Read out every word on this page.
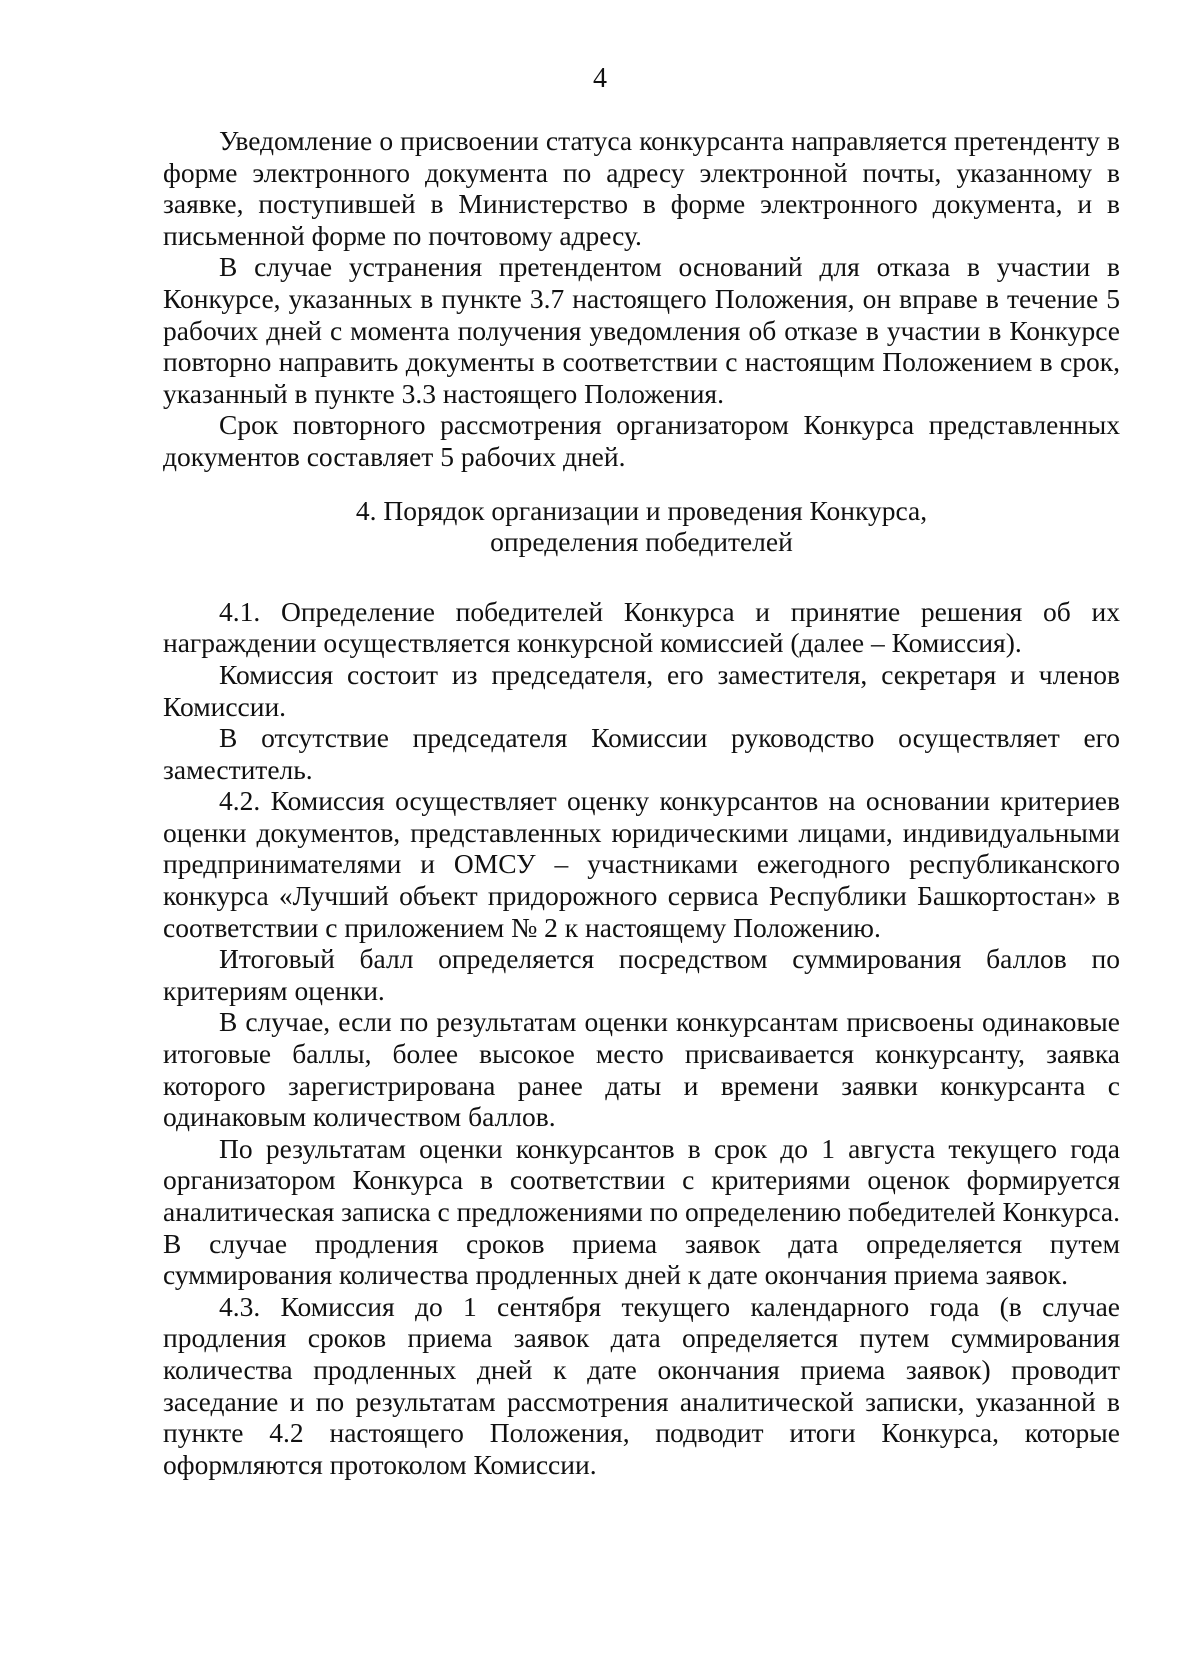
4

Уведомление о присвоении статуса конкурсанта направляется претенденту в форме электронного документа по адресу электронной почты, указанному в заявке, поступившей в Министерство в форме электронного документа, и в письменной форме по почтовому адресу.

В случае устранения претендентом оснований для отказа в участии в Конкурсе, указанных в пункте 3.7 настоящего Положения, он вправе в течение 5 рабочих дней с момента получения уведомления об отказе в участии в Конкурсе повторно направить документы в соответствии с настоящим Положением в срок, указанный в пункте 3.3 настоящего Положения.

Срок повторного рассмотрения организатором Конкурса представленных документов составляет 5 рабочих дней.

4. Порядок организации и проведения Конкурса,
определения победителей

4.1. Определение победителей Конкурса и принятие решения об их награждении осуществляется конкурсной комиссией (далее – Комиссия).

Комиссия состоит из председателя, его заместителя, секретаря и членов Комиссии.

В отсутствие председателя Комиссии руководство осуществляет его заместитель.

4.2. Комиссия осуществляет оценку конкурсантов на основании критериев оценки документов, представленных юридическими лицами, индивидуальными предпринимателями и ОМСУ – участниками ежегодного республиканского конкурса «Лучший объект придорожного сервиса Республики Башкортостан» в соответствии с приложением № 2 к настоящему Положению.

Итоговый балл определяется посредством суммирования баллов по критериям оценки.

В случае, если по результатам оценки конкурсантам присвоены одинаковые итоговые баллы, более высокое место присваивается конкурсанту, заявка которого зарегистрирована ранее даты и времени заявки конкурсанта с одинаковым количеством баллов.

По результатам оценки конкурсантов в срок до 1 августа текущего года организатором Конкурса в соответствии с критериями оценок формируется аналитическая записка с предложениями по определению победителей Конкурса. В случае продления сроков приема заявок дата определяется путем суммирования количества продленных дней к дате окончания приема заявок.

4.3. Комиссия до 1 сентября текущего календарного года (в случае продления сроков приема заявок дата определяется путем суммирования количества продленных дней к дате окончания приема заявок) проводит заседание и по результатам рассмотрения аналитической записки, указанной в пункте 4.2 настоящего Положения, подводит итоги Конкурса, которые оформляются протоколом Комиссии.
